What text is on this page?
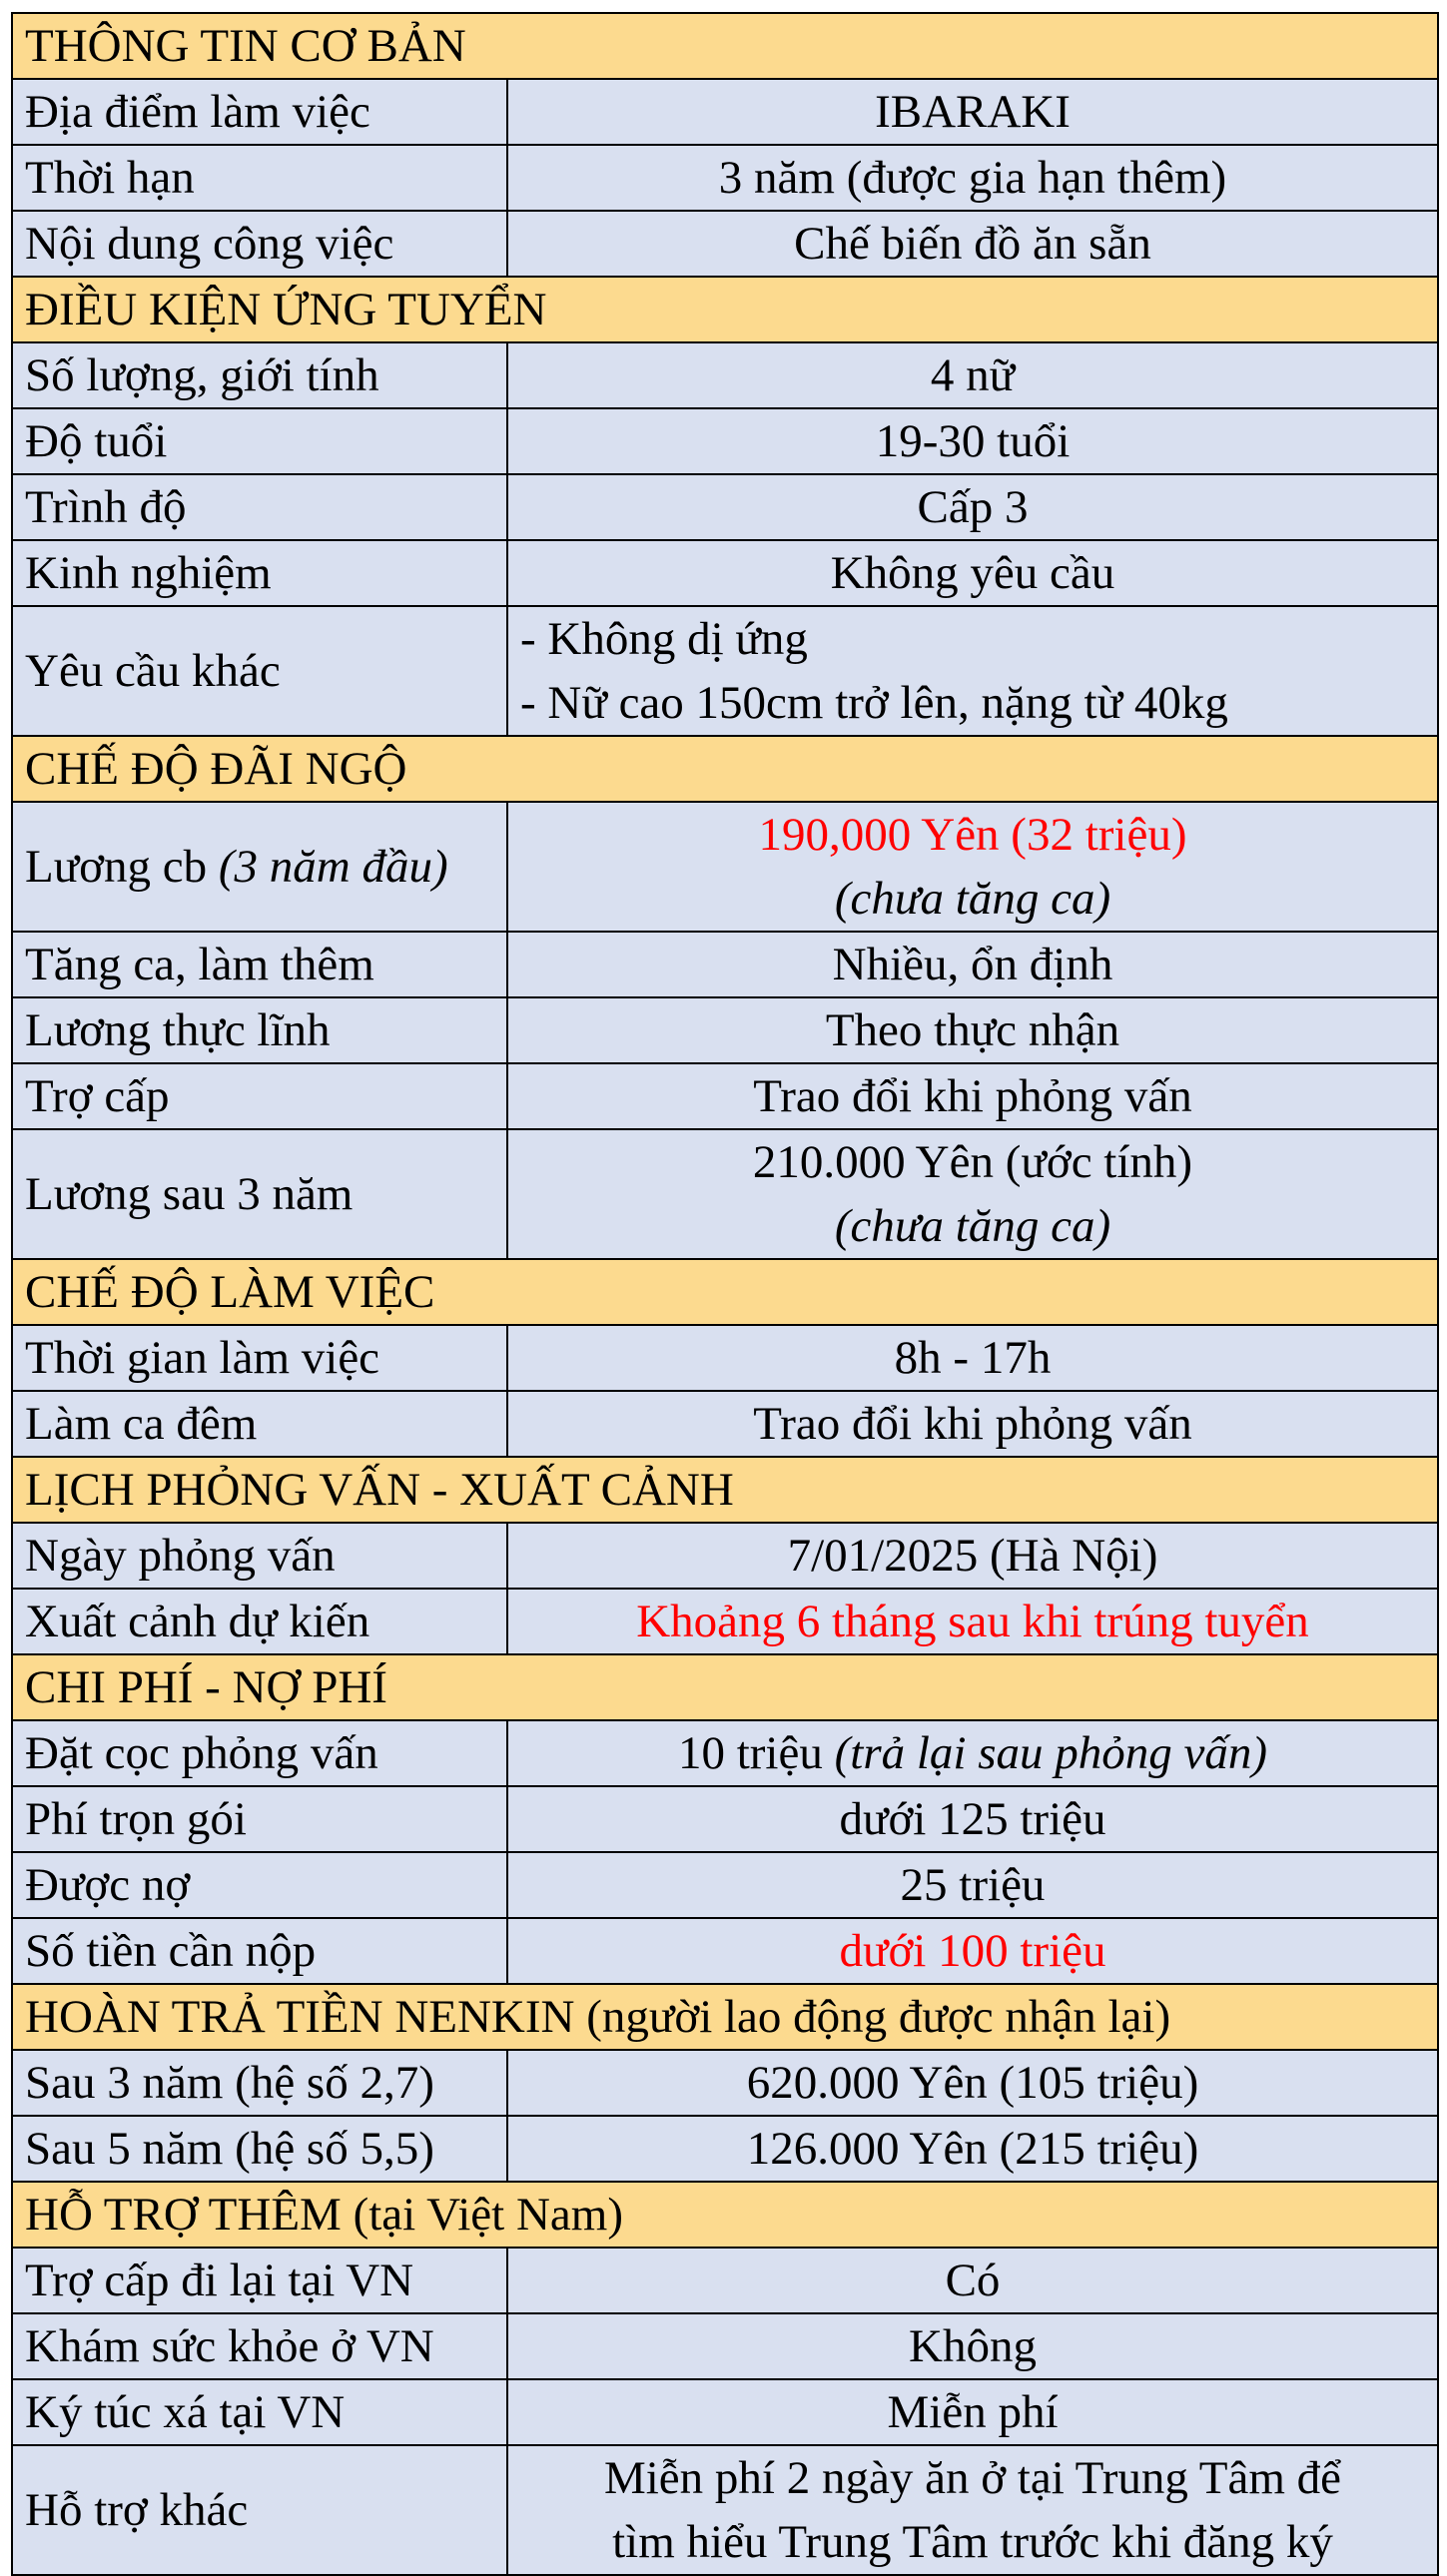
THÔNG TIN CƠ BẢN	
Địa điểm làm việc	IBARAKI
Thời hạn	3 năm (được gia hạn thêm)
Nội dung công việc	Chế biến đồ ăn sẵn
ĐIỀU KIỆN ỨNG TUYỂN	
Số lượng, giới tính	4 nữ
Độ tuổi	19-30 tuổi
Trình độ	Cấp 3
Kinh nghiệm	Không yêu cầu
Yêu cầu khác	- Không dị ứng
- Nữ cao 150cm trở lên, nặng từ 40kg

CHẾ ĐỘ ĐÃI NGỘ	
Lương cb (3 năm đầu)	190,000 Yên (32 triệu)
(chưa tăng ca)

Tăng ca, làm thêm	Nhiều, ổn định
Lương thực lĩnh	Theo thực nhận
Trợ cấp	Trao đổi khi phỏng vấn
Lương sau 3 năm	210.000 Yên (ước tính)
(chưa tăng ca)

CHẾ ĐỘ LÀM VIỆC	
Thời gian làm việc	8h - 17h
Làm ca đêm	Trao đổi khi phỏng vấn
LỊCH PHỎNG VẤN - XUẤT CẢNH	
Ngày phỏng vấn	7/01/2025 (Hà Nội)
Xuất cảnh dự kiến	Khoảng 6 tháng sau khi trúng tuyển
CHI PHÍ - NỢ PHÍ	
Đặt cọc phỏng vấn	10 triệu (trả lại sau phỏng vấn)
Phí trọn gói	dưới 125 triệu
Được nợ	25 triệu
Số tiền cần nộp	dưới 100 triệu
HOÀN TRẢ TIỀN NENKIN (người lao động được nhận lại)	
Sau 3 năm (hệ số 2,7)	620.000 Yên (105 triệu)
Sau 5 năm (hệ số 5,5)	126.000 Yên (215 triệu)
HỖ TRỢ THÊM (tại Việt Nam)	
Trợ cấp đi lại tại VN	Có
Khám sức khỏe ở VN	Không
Ký túc xá tại VN	Miễn phí
Hỗ trợ khác	Miễn phí 2 ngày ăn ở tại Trung Tâm để
tìm hiểu Trung Tâm trước khi đăng ký
